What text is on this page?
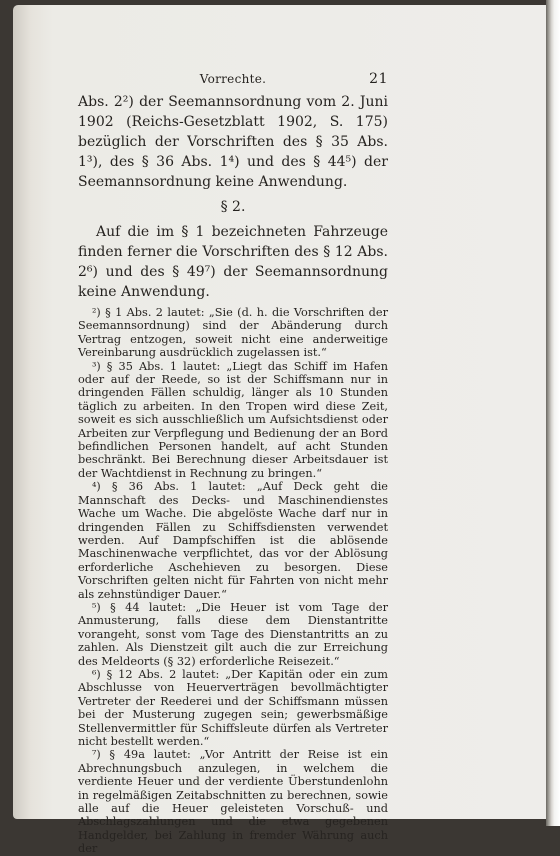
Vorrechte.	21

Abs. 2²) der Seemannsordnung vom 2. Juni 1902 (Reichs-Gesetzblatt 1902, S. 175) bezüglich der Vorschriften des § 35 Abs. 1³), des § 36 Abs. 1⁴) und des § 44⁵) der Seemannsordnung keine Anwendung.

§ 2.

Auf die im § 1 bezeichneten Fahrzeuge finden ferner die Vorschriften des § 12 Abs. 2⁶) und des § 49⁷) der Seemannsordnung keine Anwendung.

²) § 1 Abs. 2 lautet: „Sie (d. h. die Vorschriften der Seemannsordnung) sind der Abänderung durch Vertrag entzogen, soweit nicht eine anderweitige Vereinbarung ausdrücklich zugelassen ist.“

³) § 35 Abs. 1 lautet: „Liegt das Schiff im Hafen oder auf der Reede, so ist der Schiffsmann nur in dringenden Fällen schuldig, länger als 10 Stunden täglich zu arbeiten. In den Tropen wird diese Zeit, soweit es sich ausschließlich um Aufsichtsdienst oder Arbeiten zur Verpflegung und Bedienung der an Bord befindlichen Personen handelt, auf acht Stunden beschränkt. Bei Berechnung dieser Arbeitsdauer ist der Wachtdienst in Rechnung zu bringen.“

⁴) § 36 Abs. 1 lautet: „Auf Deck geht die Mannschaft des Decks- und Maschinendienstes Wache um Wache. Die abgelöste Wache darf nur in dringenden Fällen zu Schiffsdiensten verwendet werden. Auf Dampfschiffen ist die ablösende Maschinenwache verpflichtet, das vor der Ablösung erforderliche Aschehieven zu besorgen. Diese Vorschriften gelten nicht für Fahrten von nicht mehr als zehnstündiger Dauer.“

⁵) § 44 lautet: „Die Heuer ist vom Tage der Anmusterung, falls diese dem Dienstantritte vorangeht, sonst vom Tage des Dienstantritts an zu zahlen. Als Dienstzeit gilt auch die zur Erreichung des Meldeorts (§ 32) erforderliche Reisezeit.“

⁶) § 12 Abs. 2 lautet: „Der Kapitän oder ein zum Abschlusse von Heuerverträgen bevollmächtigter Vertreter der Reederei und der Schiffsmann müssen bei der Musterung zugegen sein; gewerbsmäßige Stellenvermittler für Schiffsleute dürfen als Vertreter nicht bestellt werden.“

⁷) § 49a lautet: „Vor Antritt der Reise ist ein Abrechnungsbuch anzulegen, in welchem die verdiente Heuer und der verdiente Überstundenlohn in regelmäßigen Zeitabschnitten zu berechnen, sowie alle auf die Heuer geleisteten Vorschuß- und Abschlagszahlungen und die etwa gegebenen Handgelder, bei Zahlung in fremder Währung auch der
